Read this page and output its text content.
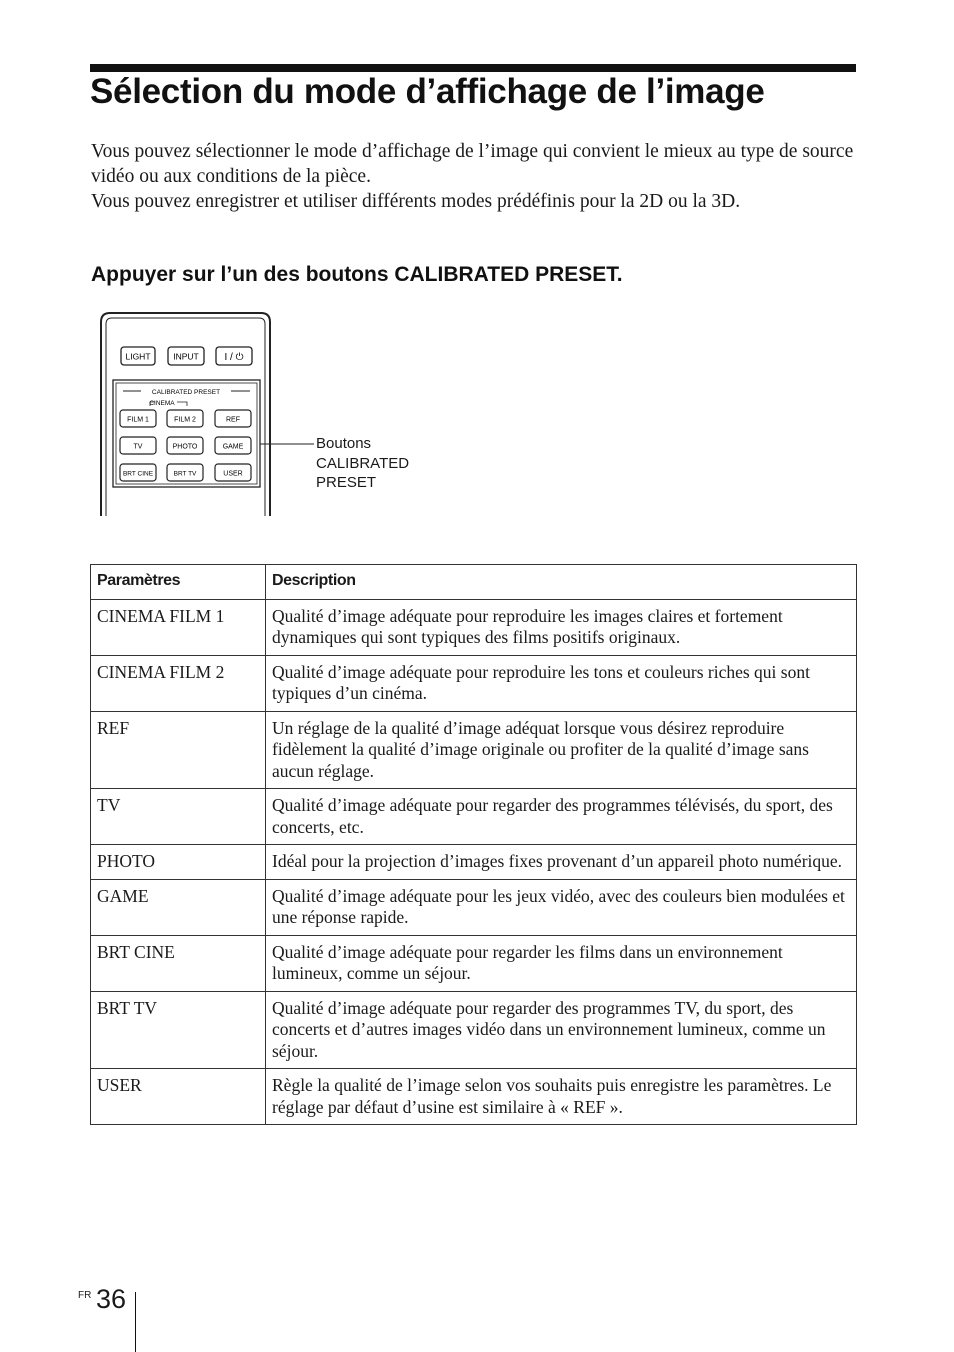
Sélection du mode d’affichage de l’image

Vous pouvez sélectionner le mode d’affichage de l’image qui convient le mieux au type de source vidéo ou aux conditions de la pièce.

Vous pouvez enregistrer et utiliser différents modes prédéfinis pour la 2D ou la 3D.

Appuyer sur l’un des boutons CALIBRATED PRESET.
LIGHT	INPUT	I / ⏻
CALIBRATED PRESET
CINEMA
FILM 1	FILM 2	REF
TV	PHOTO	GAME
BRT CINE	BRT TV	USER
Boutons
CALIBRATED
PRESET
Paramètres	Description
CINEMA FILM 1	Qualité d’image adéquate pour reproduire les images claires et fortement dynamiques qui sont typiques des films positifs originaux.
CINEMA FILM 2	Qualité d’image adéquate pour reproduire les tons et couleurs riches qui sont typiques d’un cinéma.
REF	Un réglage de la qualité d’image adéquat lorsque vous désirez reproduire fidèlement la qualité d’image originale ou profiter de la qualité d’image sans aucun réglage.
TV	Qualité d’image adéquate pour regarder des programmes télévisés, du sport, des concerts, etc.
PHOTO	Idéal pour la projection d’images fixes provenant d’un appareil photo numérique.
GAME	Qualité d’image adéquate pour les jeux vidéo, avec des couleurs bien modulées et une réponse rapide.
BRT CINE	Qualité d’image adéquate pour regarder les films dans un environnement lumineux, comme un séjour.
BRT TV	Qualité d’image adéquate pour regarder des programmes TV, du sport, des concerts et d’autres images vidéo dans un environnement lumineux, comme un séjour.
USER	Règle la qualité de l’image selon vos souhaits puis enregistre les paramètres. Le réglage par défaut d’usine est similaire à « REF ».
FR 36
